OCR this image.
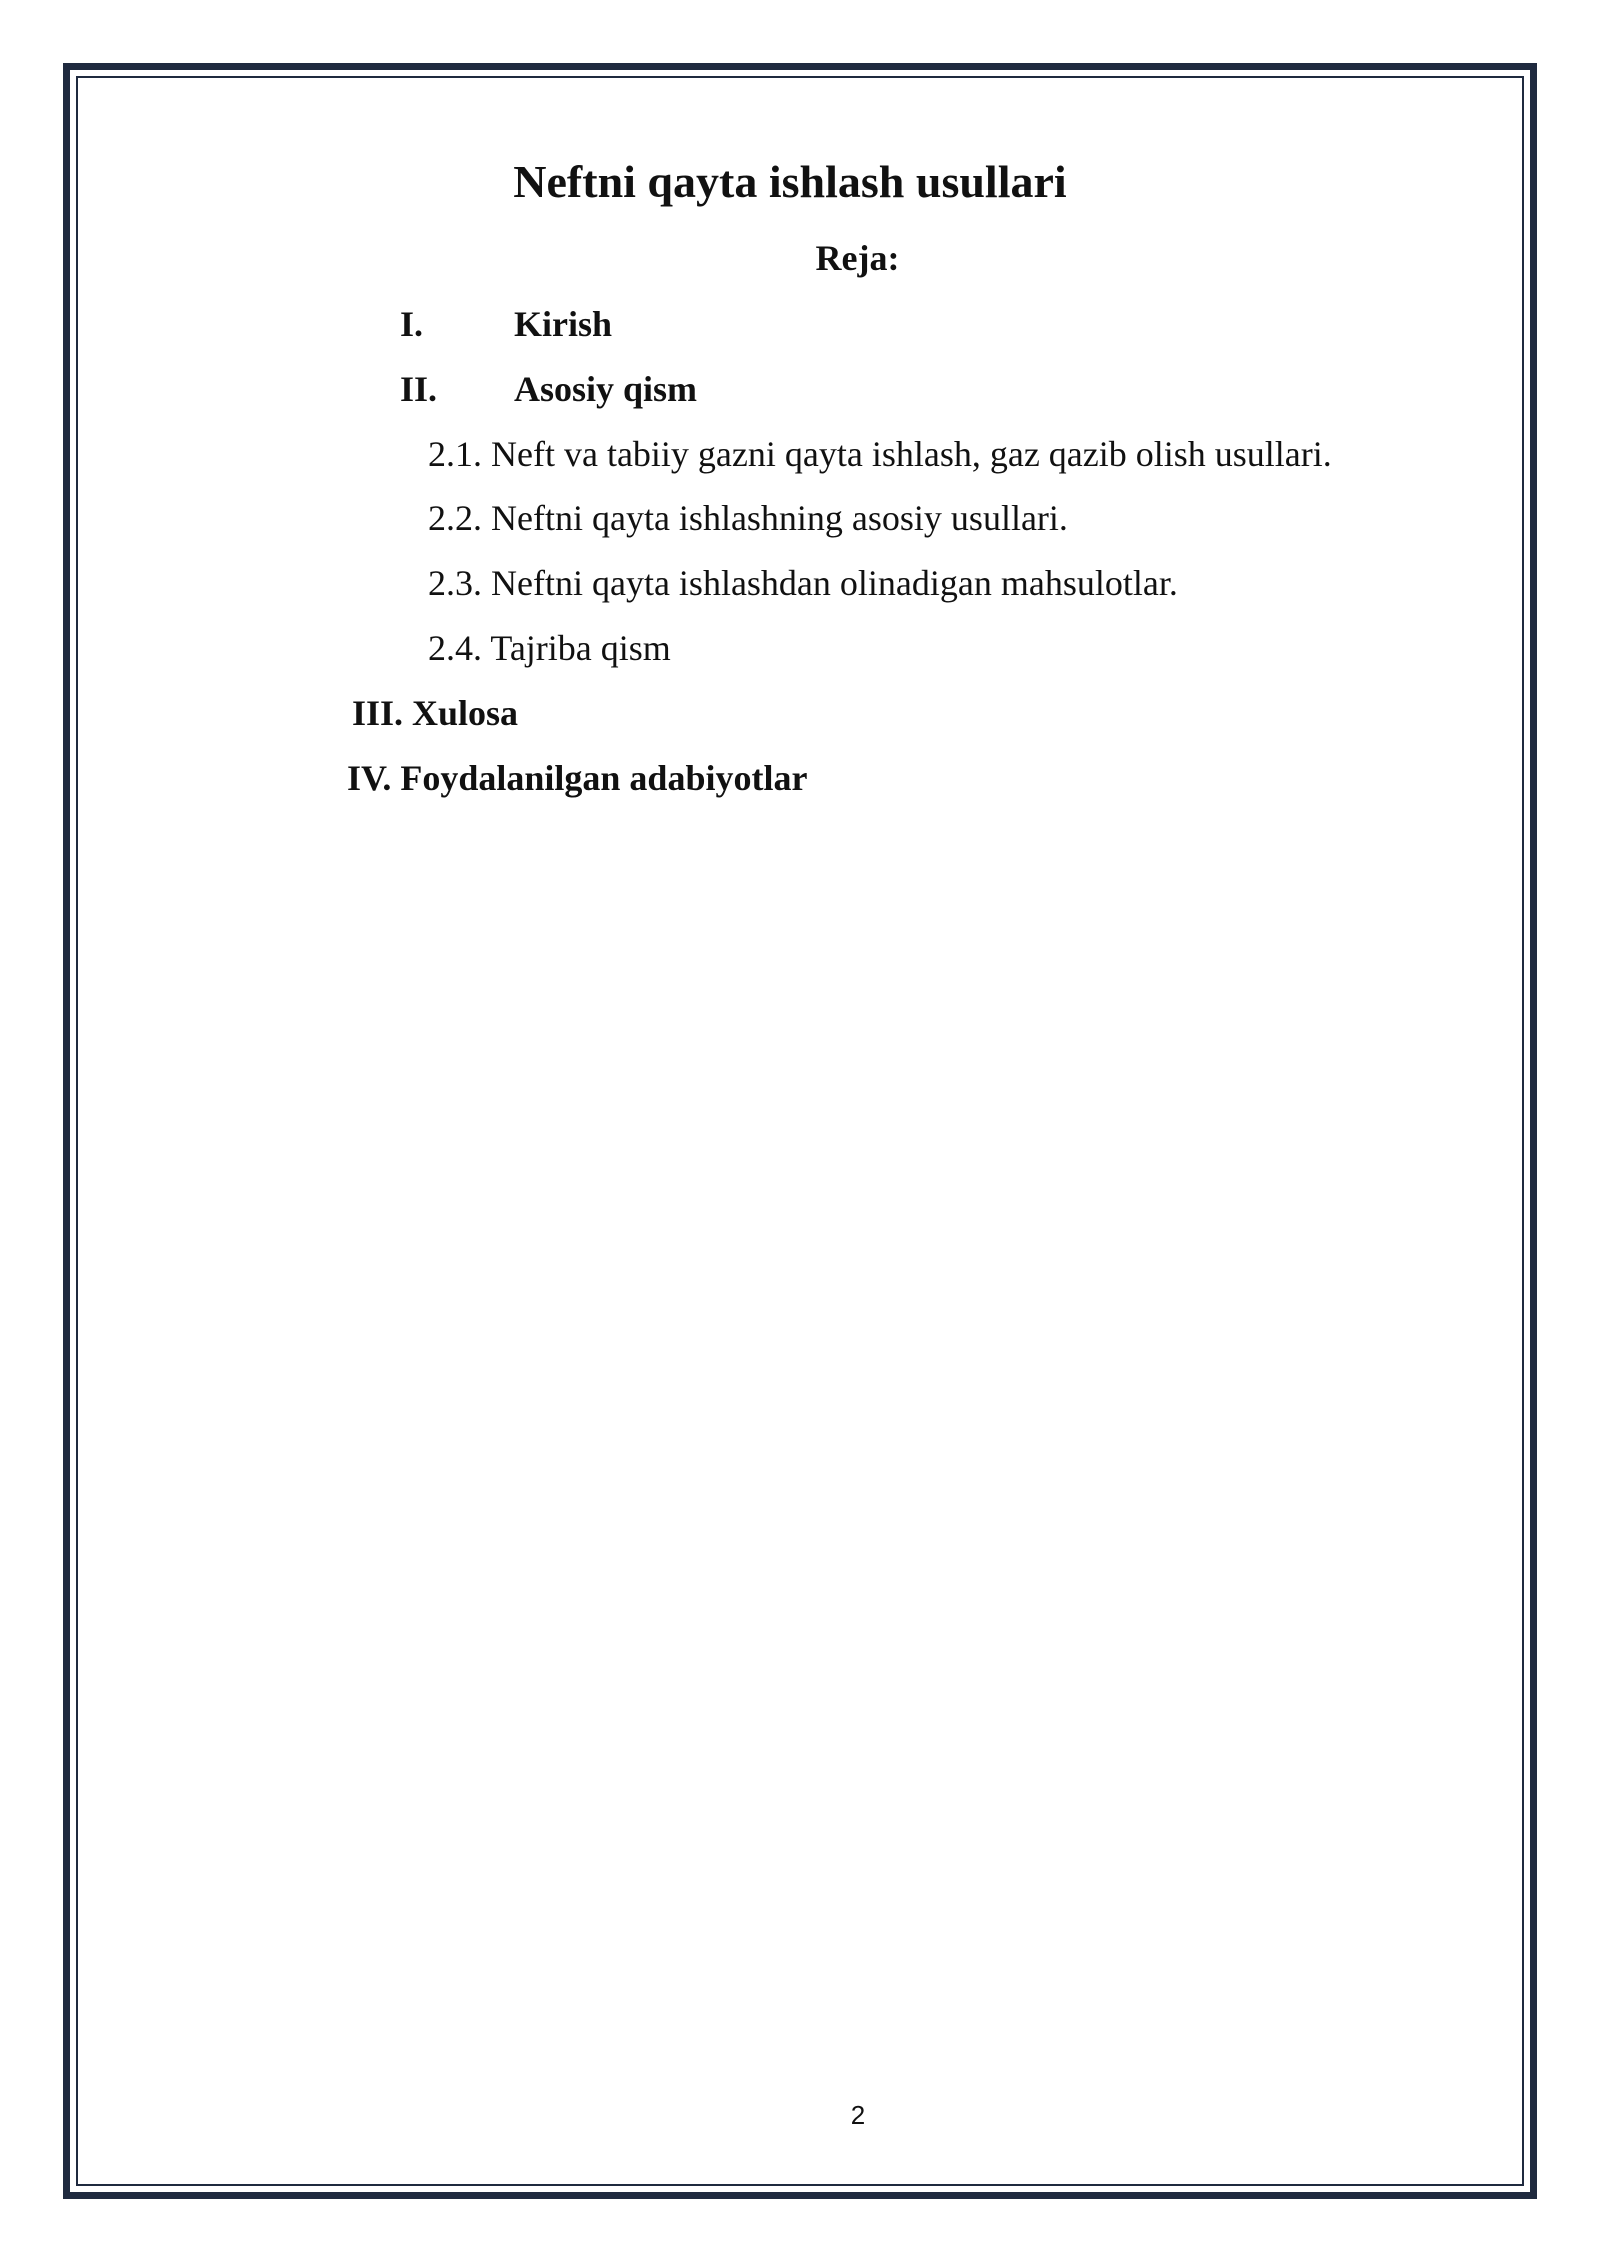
Neftni qayta ishlash usullari
Reja:
I.	Kirish
II. Asosiy qism
2.1. Neft va tabiiy gazni qayta ishlash, gaz qazib olish usullari.
2.2. Neftni qayta ishlashning asosiy usullari.
2.3. Neftni qayta ishlashdan olinadigan mahsulotlar.
2.4. Tajriba qism
III. Xulosa
IV. Foydalanilgan adabiyotlar
2
